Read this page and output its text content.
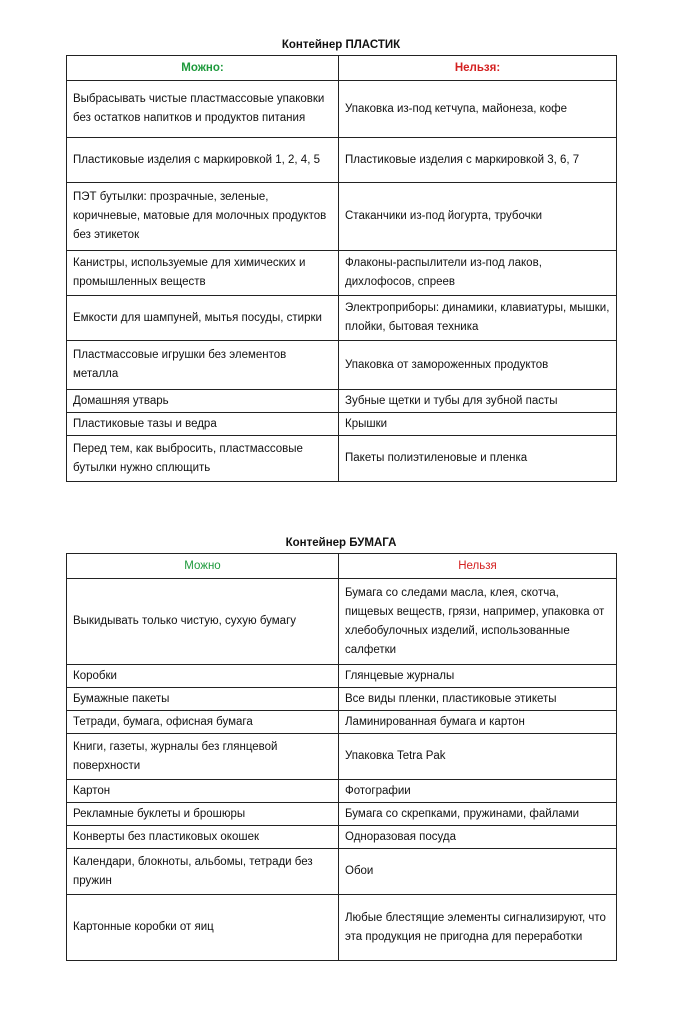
Контейнер ПЛАСТИК
Можно:	Нельзя:
Выбрасывать чистые пластмассовые упаковки без остатков напитков и продуктов питания	Упаковка из-под кетчупа, майонеза, кофе
Пластиковые изделия с маркировкой 1, 2, 4, 5	Пластиковые изделия с маркировкой 3, 6, 7
ПЭТ бутылки: прозрачные, зеленые, коричневые, матовые для молочных продуктов без этикеток	Стаканчики из-под йогурта, трубочки
Канистры, используемые для химических и промышленных веществ	Флаконы-распылители из-под лаков, дихлофосов, спреев
Емкости для шампуней, мытья посуды, стирки	Электроприборы: динамики, клавиатуры, мышки, плойки, бытовая техника
Пластмассовые игрушки без элементов металла	Упаковка от замороженных продуктов
Домашняя утварь	Зубные щетки и тубы для зубной пасты
Пластиковые тазы и ведра	Крышки
Перед тем, как выбросить, пластмассовые бутылки нужно сплющить	Пакеты полиэтиленовые и пленка
Контейнер БУМАГА
Можно	Нельзя
Выкидывать только чистую, сухую бумагу	Бумага со следами масла, клея, скотча, пищевых веществ, грязи, например, упаковка от хлебобулочных изделий, использованные салфетки
Коробки	Глянцевые журналы
Бумажные пакеты	Все виды пленки, пластиковые этикеты
Тетради, бумага, офисная бумага	Ламинированная бумага и картон
Книги, газеты, журналы без глянцевой поверхности	Упаковка Tetra Pak
Картон	Фотографии
Рекламные буклеты и брошюры	Бумага со скрепками, пружинами, файлами
Конверты без пластиковых окошек	Одноразовая посуда
Календари, блокноты, альбомы, тетради без пружин	Обои
Картонные коробки от яиц	Любые блестящие элементы сигнализируют, что эта продукция не пригодна для переработки
